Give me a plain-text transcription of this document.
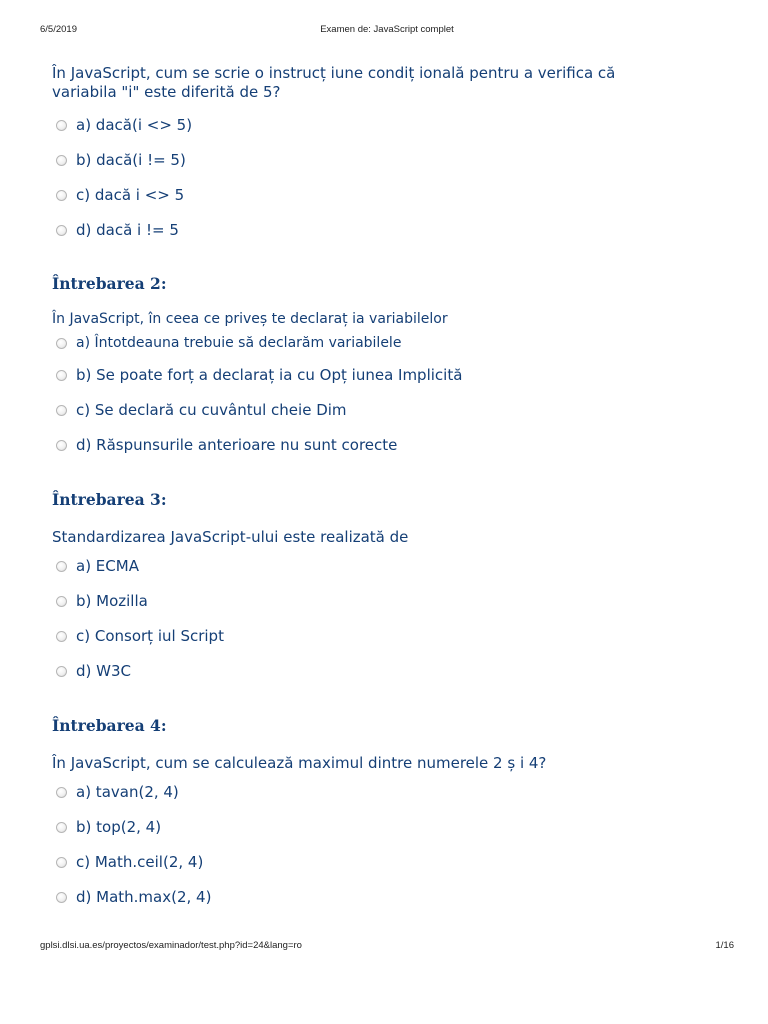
6/5/2019	Examen de: JavaScript complet

În JavaScript, cum se scrie o instrucț iune condiț ională pentru a verifica că variabila "i" este diferită de 5?

a) dacă(i <> 5)
b) dacă(i != 5)
c) dacă i <> 5
d) dacă i != 5
Întrebarea 2:

În JavaScript, în ceea ce priveș te declaraț ia variabilelor

a) Întotdeauna trebuie să declarăm variabilele
b) Se poate forț a declaraț ia cu Opț iunea Implicită
c) Se declară cu cuvântul cheie Dim
d) Răspunsurile anterioare nu sunt corecte
Întrebarea 3:

Standardizarea JavaScript-ului este realizată de

a) ECMA
b) Mozilla
c) Consorț iul Script
d) W3C
Întrebarea 4:

În JavaScript, cum se calculează maximul dintre numerele 2 ș i 4?

a) tavan(2, 4)
b) top(2, 4)
c) Math.ceil(2, 4)
d) Math.max(2, 4)
gplsi.dlsi.ua.es/proyectos/examinador/test.php?id=24&lang=ro	1/16
